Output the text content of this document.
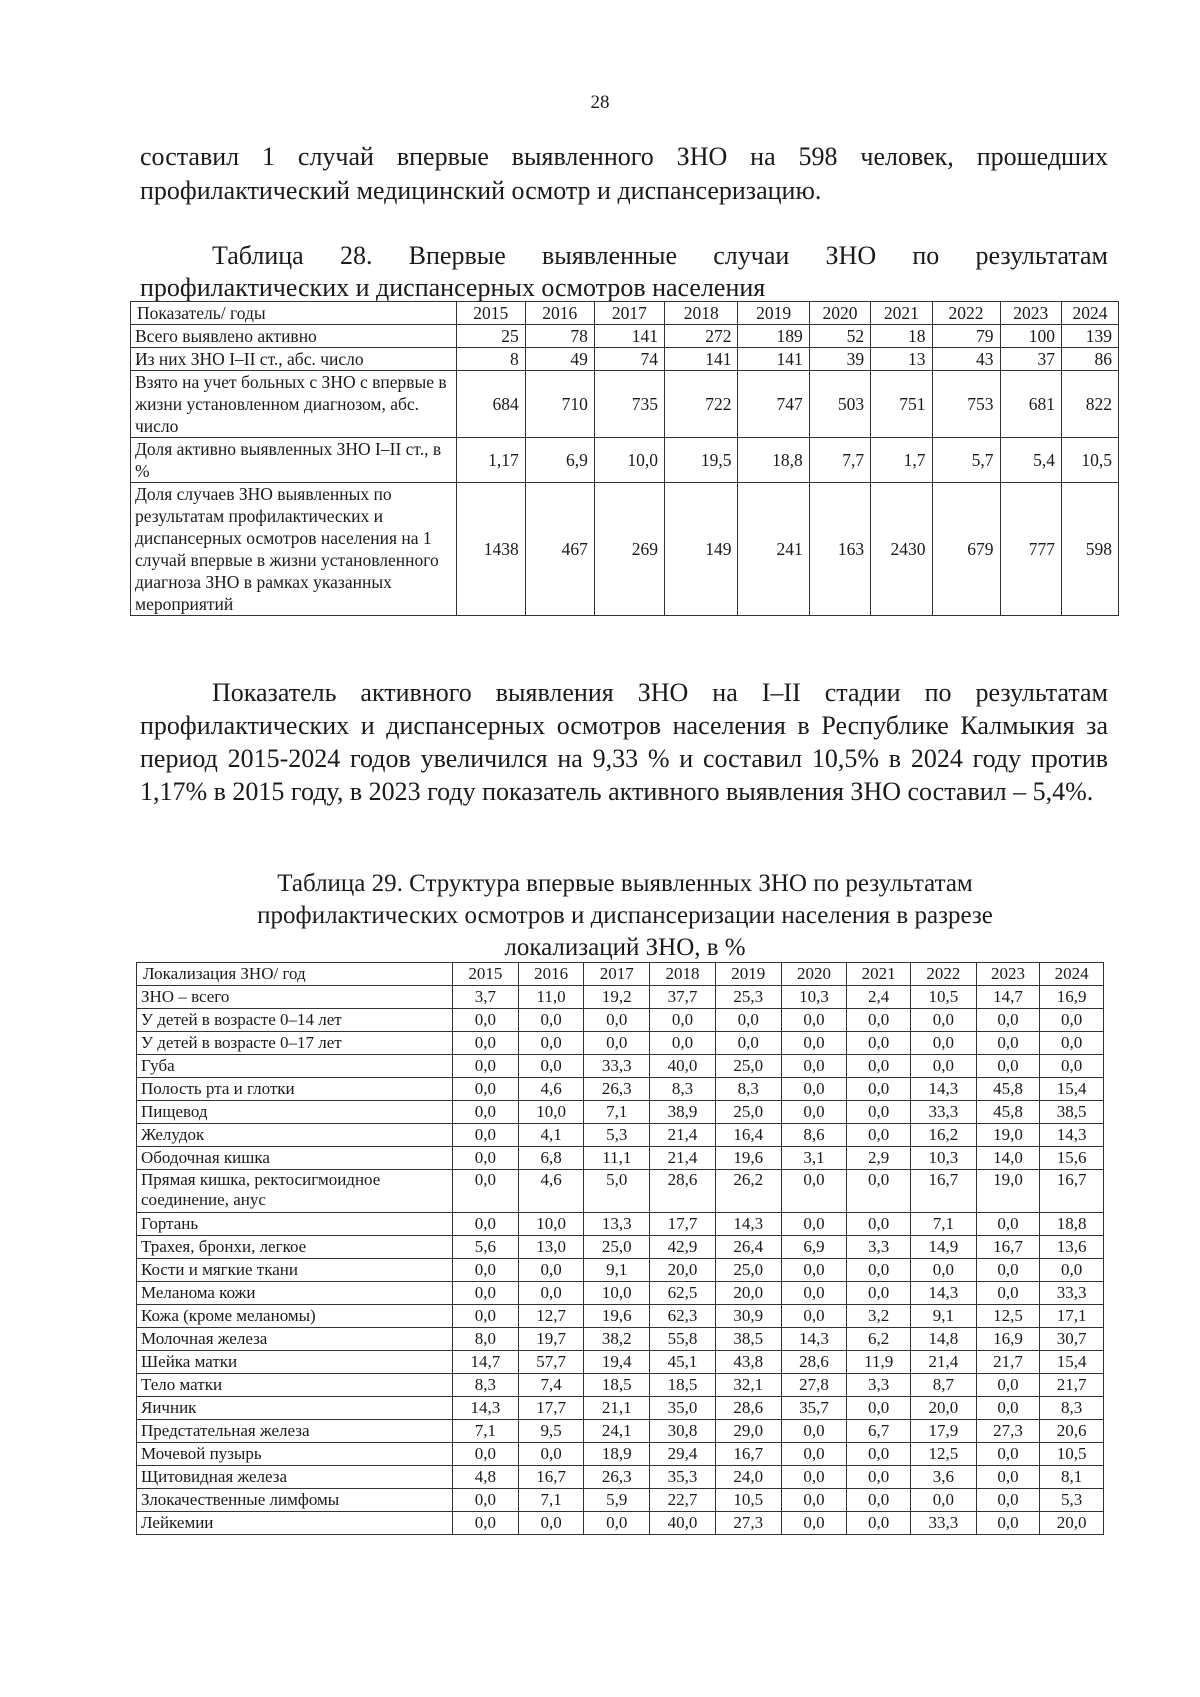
28

составил 1 случай впервые выявленного ЗНО на 598 человек, прошедших профилактический медицинский осмотр и диспансеризацию.

Таблица 28. Впервые выявленные случаи ЗНО по результатам профилактических и диспансерных осмотров населения

Показатель/ годы	2015	2016	2017	2018	2019	2020	2021	2022	2023	2024
Всего выявлено активно	25	78	141	272	189	52	18	79	100	139
Из них ЗНО I–II ст., абс. число	8	49	74	141	141	39	13	43	37	86
Взято на учет больных с ЗНО с впервые в жизни установленном диагнозом, абс. число	684	710	735	722	747	503	751	753	681	822
Доля активно выявленных ЗНО I–II ст., в %	1,17	6,9	10,0	19,5	18,8	7,7	1,7	5,7	5,4	10,5
Доля случаев ЗНО выявленных по результатам профилактических и диспансерных осмотров населения на 1 случай впервые в жизни установленного диагноза ЗНО в рамках указанных мероприятий	1438	467	269	149	241	163	2430	679	777	598

Показатель активного выявления ЗНО на I–II стадии по результатам профилактических и диспансерных осмотров населения в Республике Калмыкия за период 2015-2024 годов увеличился на 9,33 % и составил 10,5% в 2024 году против 1,17% в 2015 году, в 2023 году показатель активного выявления ЗНО составил – 5,4%.

Таблица 29. Структура впервые выявленных ЗНО по результатам профилактических осмотров и диспансеризации населения в разрезе локализаций ЗНО, в %

Локализация ЗНО/ год	2015	2016	2017	2018	2019	2020	2021	2022	2023	2024
ЗНО – всего	3,7	11,0	19,2	37,7	25,3	10,3	2,4	10,5	14,7	16,9
У детей в возрасте 0–14 лет	0,0	0,0	0,0	0,0	0,0	0,0	0,0	0,0	0,0	0,0
У детей в возрасте 0–17 лет	0,0	0,0	0,0	0,0	0,0	0,0	0,0	0,0	0,0	0,0
Губа	0,0	0,0	33,3	40,0	25,0	0,0	0,0	0,0	0,0	0,0
Полость рта и глотки	0,0	4,6	26,3	8,3	8,3	0,0	0,0	14,3	45,8	15,4
Пищевод	0,0	10,0	7,1	38,9	25,0	0,0	0,0	33,3	45,8	38,5
Желудок	0,0	4,1	5,3	21,4	16,4	8,6	0,0	16,2	19,0	14,3
Ободочная кишка	0,0	6,8	11,1	21,4	19,6	3,1	2,9	10,3	14,0	15,6
Прямая кишка, ректосигмоидное соединение, анус	0,0	4,6	5,0	28,6	26,2	0,0	0,0	16,7	19,0	16,7
Гортань	0,0	10,0	13,3	17,7	14,3	0,0	0,0	7,1	0,0	18,8
Трахея, бронхи, легкое	5,6	13,0	25,0	42,9	26,4	6,9	3,3	14,9	16,7	13,6
Кости и мягкие ткани	0,0	0,0	9,1	20,0	25,0	0,0	0,0	0,0	0,0	0,0
Меланома кожи	0,0	0,0	10,0	62,5	20,0	0,0	0,0	14,3	0,0	33,3
Кожа (кроме меланомы)	0,0	12,7	19,6	62,3	30,9	0,0	3,2	9,1	12,5	17,1
Молочная железа	8,0	19,7	38,2	55,8	38,5	14,3	6,2	14,8	16,9	30,7
Шейка матки	14,7	57,7	19,4	45,1	43,8	28,6	11,9	21,4	21,7	15,4
Тело матки	8,3	7,4	18,5	18,5	32,1	27,8	3,3	8,7	0,0	21,7
Яичник	14,3	17,7	21,1	35,0	28,6	35,7	0,0	20,0	0,0	8,3
Предстательная железа	7,1	9,5	24,1	30,8	29,0	0,0	6,7	17,9	27,3	20,6
Мочевой пузырь	0,0	0,0	18,9	29,4	16,7	0,0	0,0	12,5	0,0	10,5
Щитовидная железа	4,8	16,7	26,3	35,3	24,0	0,0	0,0	3,6	0,0	8,1
Злокачественные лимфомы	0,0	7,1	5,9	22,7	10,5	0,0	0,0	0,0	0,0	5,3
Лейкемии	0,0	0,0	0,0	40,0	27,3	0,0	0,0	33,3	0,0	20,0
